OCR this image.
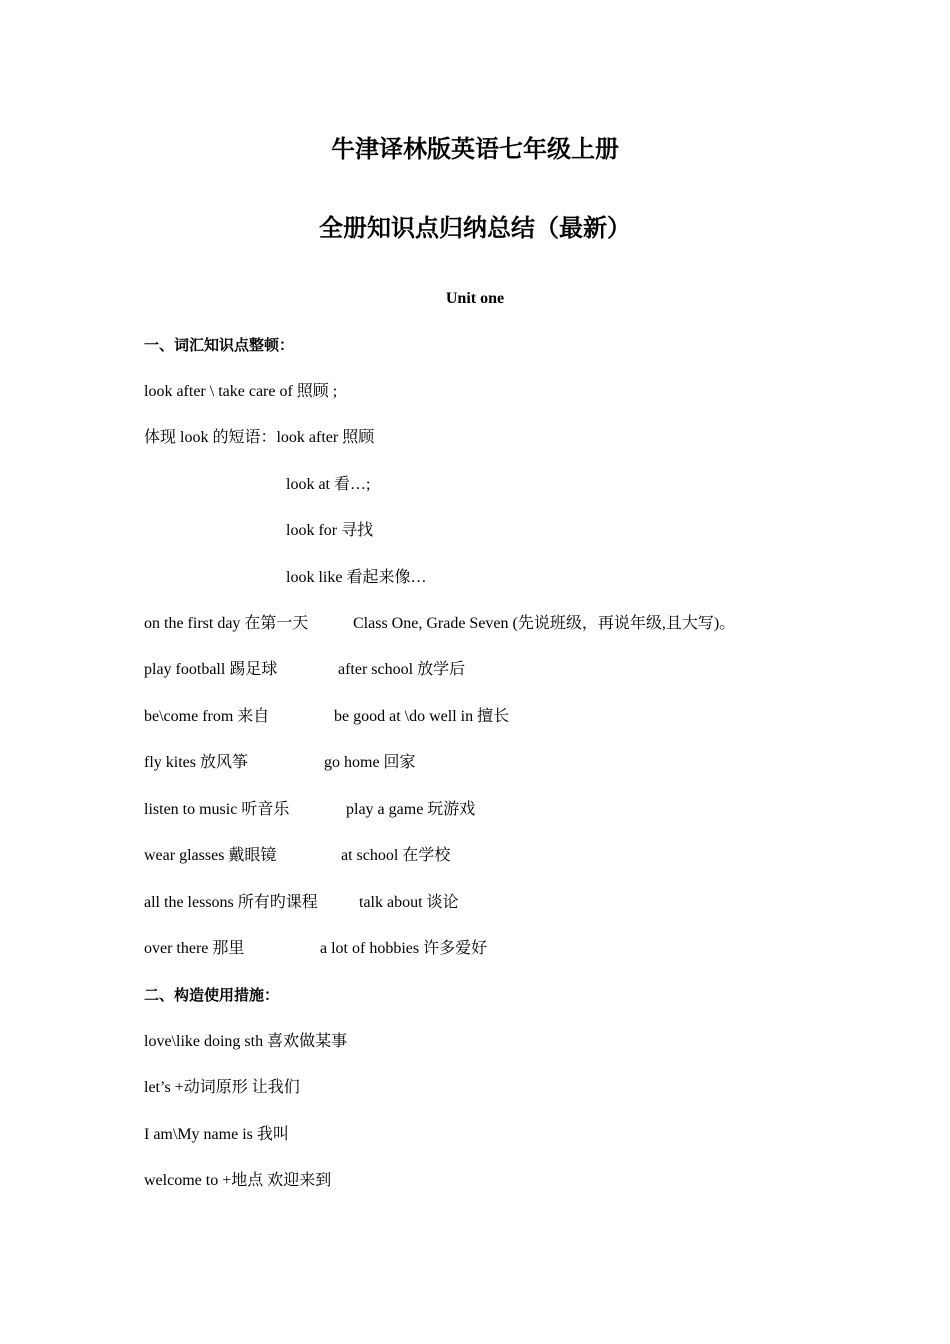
牛津译林版英语七年级上册
全册知识点归纳总结（最新）
Unit one
一、词汇知识点整顿：
look after \ take care of 照顾 ;
体现 look 的短语：look after 照顾
look at 看…;
look for 寻找
look like 看起来像…
on the first day 在第一天	Class One, Grade Seven (先说班级，再说年级,且大写)。
play football 踢足球	after school 放学后
be\come from 来自	be good at \do well in 擅长
fly kites 放风筝	go home 回家
listen to music 听音乐	play a game 玩游戏
wear glasses 戴眼镜	at school 在学校
all the lessons 所有旳课程	talk about 谈论
over there 那里	a lot of hobbies 许多爱好
二、构造使用措施：
love\like doing sth 喜欢做某事
let’s +动词原形 让我们
I am\My name is 我叫
welcome to +地点 欢迎来到
